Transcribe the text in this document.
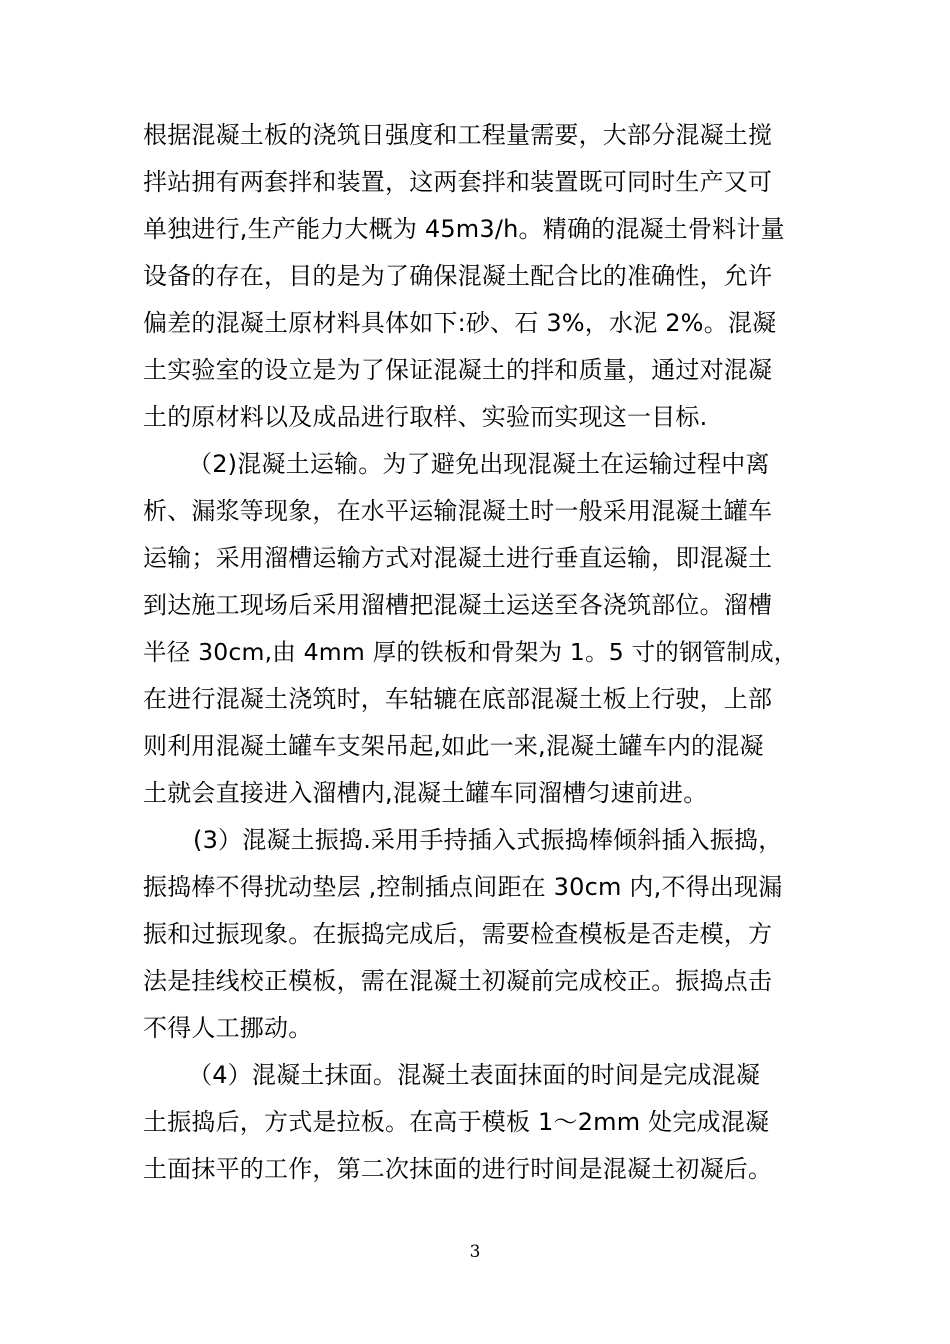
根据混凝土板的浇筑日强度和工程量需要，大部分混凝土搅
拌站拥有两套拌和装置，这两套拌和装置既可同时生产又可
单独进行,生产能力大概为 45m3/h。精确的混凝土骨料计量
设备的存在，目的是为了确保混凝土配合比的准确性，允许
偏差的混凝土原材料具体如下:砂、石 3%，水泥 2%。混凝
土实验室的设立是为了保证混凝土的拌和质量，通过对混凝
土的原材料以及成品进行取样、实验而实现这一目标.
（2)混凝土运输。为了避免出现混凝土在运输过程中离
析、漏浆等现象，在水平运输混凝土时一般采用混凝土罐车
运输；采用溜槽运输方式对混凝土进行垂直运输，即混凝土
到达施工现场后采用溜槽把混凝土运送至各浇筑部位。溜槽
半径 30cm,由 4mm 厚的铁板和骨架为 1。5 寸的钢管制成，
在进行混凝土浇筑时，车轱辘在底部混凝土板上行驶，上部
则利用混凝土罐车支架吊起,如此一来,混凝土罐车内的混凝
土就会直接进入溜槽内,混凝土罐车同溜槽匀速前进。
(3）混凝土振捣.采用手持插入式振捣棒倾斜插入振捣，
振捣棒不得扰动垫层 ,控制插点间距在 30cm 内,不得出现漏
振和过振现象。在振捣完成后，需要检查模板是否走模，方
法是挂线校正模板，需在混凝土初凝前完成校正。振捣点击
不得人工挪动。
（4）混凝土抹面。混凝土表面抹面的时间是完成混凝
土振捣后，方式是拉板。在高于模板 1～2mm 处完成混凝
土面抹平的工作，第二次抹面的进行时间是混凝土初凝后。
3
